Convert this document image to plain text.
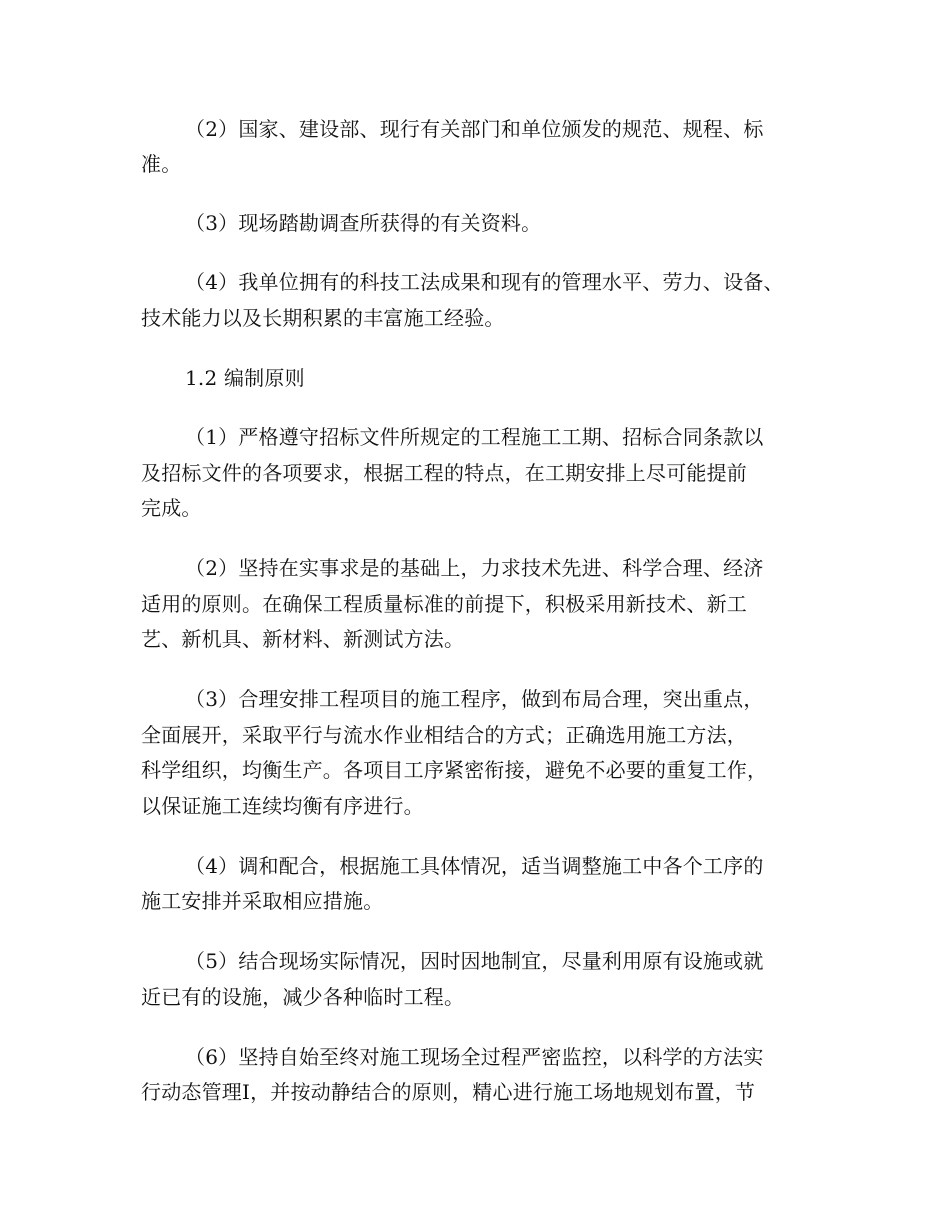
（2）国家、建设部、现行有关部门和单位颁发的规范、规程、标

准。

（3）现场踏勘调查所获得的有关资料。

（4）我单位拥有的科技工法成果和现有的管理水平、劳力、设备、

技术能力以及长期积累的丰富施工经验。

1.2 编制原则

（1）严格遵守招标文件所规定的工程施工工期、招标合同条款以

及招标文件的各项要求，根据工程的特点，在工期安排上尽可能提前

完成。

（2）坚持在实事求是的基础上，力求技术先进、科学合理、经济

适用的原则。在确保工程质量标准的前提下，积极采用新技术、新工

艺、新机具、新材料、新测试方法。

（3）合理安排工程项目的施工程序，做到布局合理，突出重点，

全面展开，采取平行与流水作业相结合的方式；正确选用施工方法，

科学组织，均衡生产。各项目工序紧密衔接，避免不必要的重复工作，

以保证施工连续均衡有序进行。

（4）调和配合，根据施工具体情况，适当调整施工中各个工序的

施工安排并采取相应措施。

（5）结合现场实际情况，因时因地制宜，尽量利用原有设施或就

近已有的设施，减少各种临时工程。

（6）坚持自始至终对施工现场全过程严密监控，以科学的方法实

行动态管理Ⅰ，并按动静结合的原则，精心进行施工场地规划布置，节
